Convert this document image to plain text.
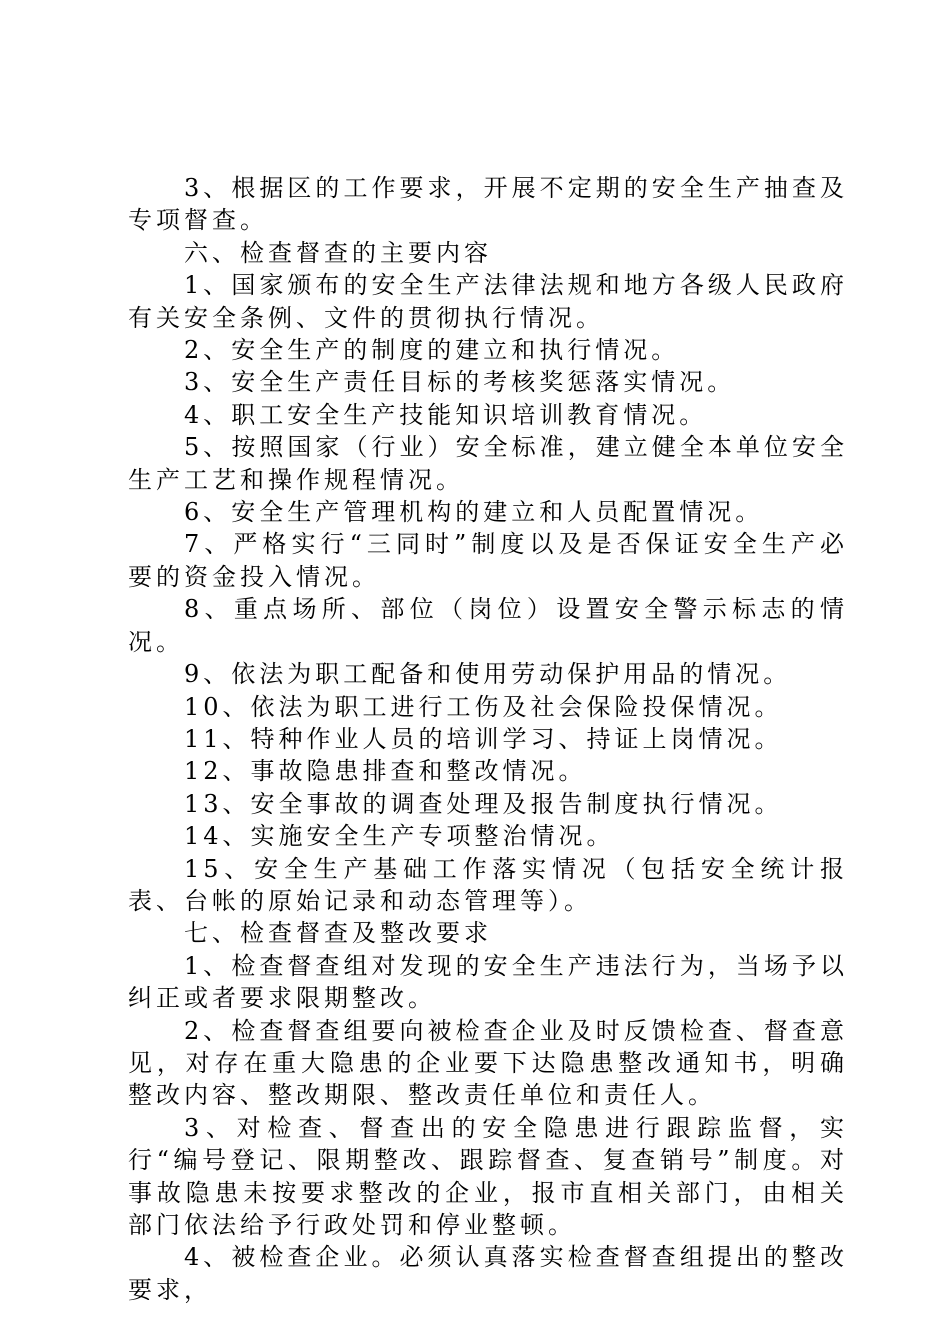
3、根据区的工作要求，开展不定期的安全生产抽查及专项督查。

六、检查督查的主要内容

1、国家颁布的安全生产法律法规和地方各级人民政府有关安全条例、文件的贯彻执行情况。

2、安全生产的制度的建立和执行情况。

3、安全生产责任目标的考核奖惩落实情况。

4、职工安全生产技能知识培训教育情况。

5、按照国家（行业）安全标准，建立健全本单位安全生产工艺和操作规程情况。

6、安全生产管理机构的建立和人员配置情况。

7、严格实行“三同时”制度以及是否保证安全生产必要的资金投入情况。

8、重点场所、部位（岗位）设置安全警示标志的情况。

9、依法为职工配备和使用劳动保护用品的情况。

10、依法为职工进行工伤及社会保险投保情况。

11、特种作业人员的培训学习、持证上岗情况。

12、事故隐患排查和整改情况。

13、安全事故的调查处理及报告制度执行情况。

14、实施安全生产专项整治情况。

15、安全生产基础工作落实情况（包括安全统计报表、台帐的原始记录和动态管理等）。

七、检查督查及整改要求

1、检查督查组对发现的安全生产违法行为，当场予以纠正或者要求限期整改。

2、检查督查组要向被检查企业及时反馈检查、督查意见，对存在重大隐患的企业要下达隐患整改通知书，明确整改内容、整改期限、整改责任单位和责任人。

3、对检查、督查出的安全隐患进行跟踪监督，实行“编号登记、限期整改、跟踪督查、复查销号”制度。对事故隐患未按要求整改的企业，报市直相关部门，由相关部门依法给予行政处罚和停业整顿。

4、被检查企业。必须认真落实检查督查组提出的整改要求，
